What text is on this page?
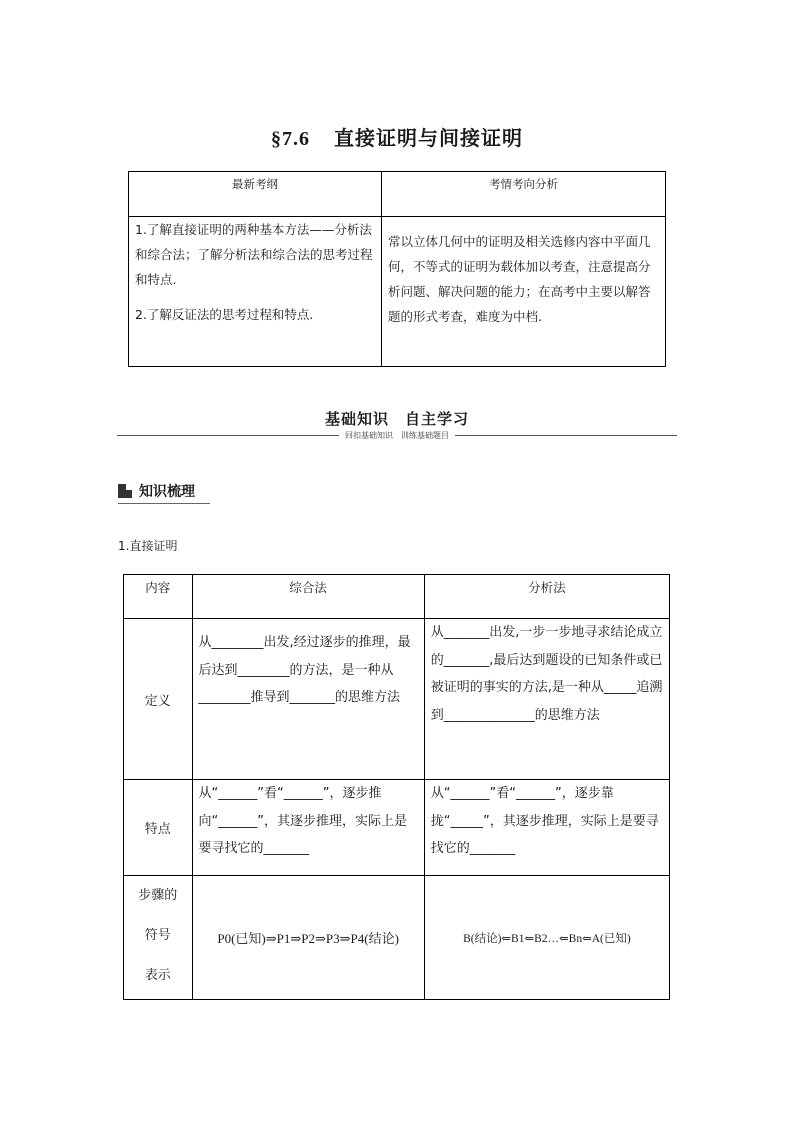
§7.6 直接证明与间接证明
最新考纲	考情考向分析

1.了解直接证明的两种基本方法——分析法和综合法；了解分析法和综合法的思考过程和特点.

2.了解反证法的思考过程和特点.	常以立体几何中的证明及相关选修内容中平面几何，不等式的证明为载体加以考查，注意提高分析问题、解决问题的能力；在高考中主要以解答题的形式考查，难度为中档.

基础知识　自主学习
回扣基础知识　训练基础题目
知识梳理
1.直接证明
内容	综合法	分析法
定义	从________出发,经过逐步的推理，最后达到________的方法，是一种从________推导到_______的思维方法	从_______出发,一步一步地寻求结论成立的_______,最后达到题设的已知条件或已被证明的事实的方法,是一种从_____追溯到______________的思维方法
特点	从“______”看“______”，逐步推向“______”，其逐步推理，实际上是要寻找它的_______	从“______”看“______”，逐步靠拢“_____”，其逐步推理，实际上是要寻找它的_______

步骤的
符号
表示	P0(已知)⇒P1⇒P2⇒P3⇒P4(结论)	B(结论)⇐B1⇐B2…⇐Bn⇐A(已知)
